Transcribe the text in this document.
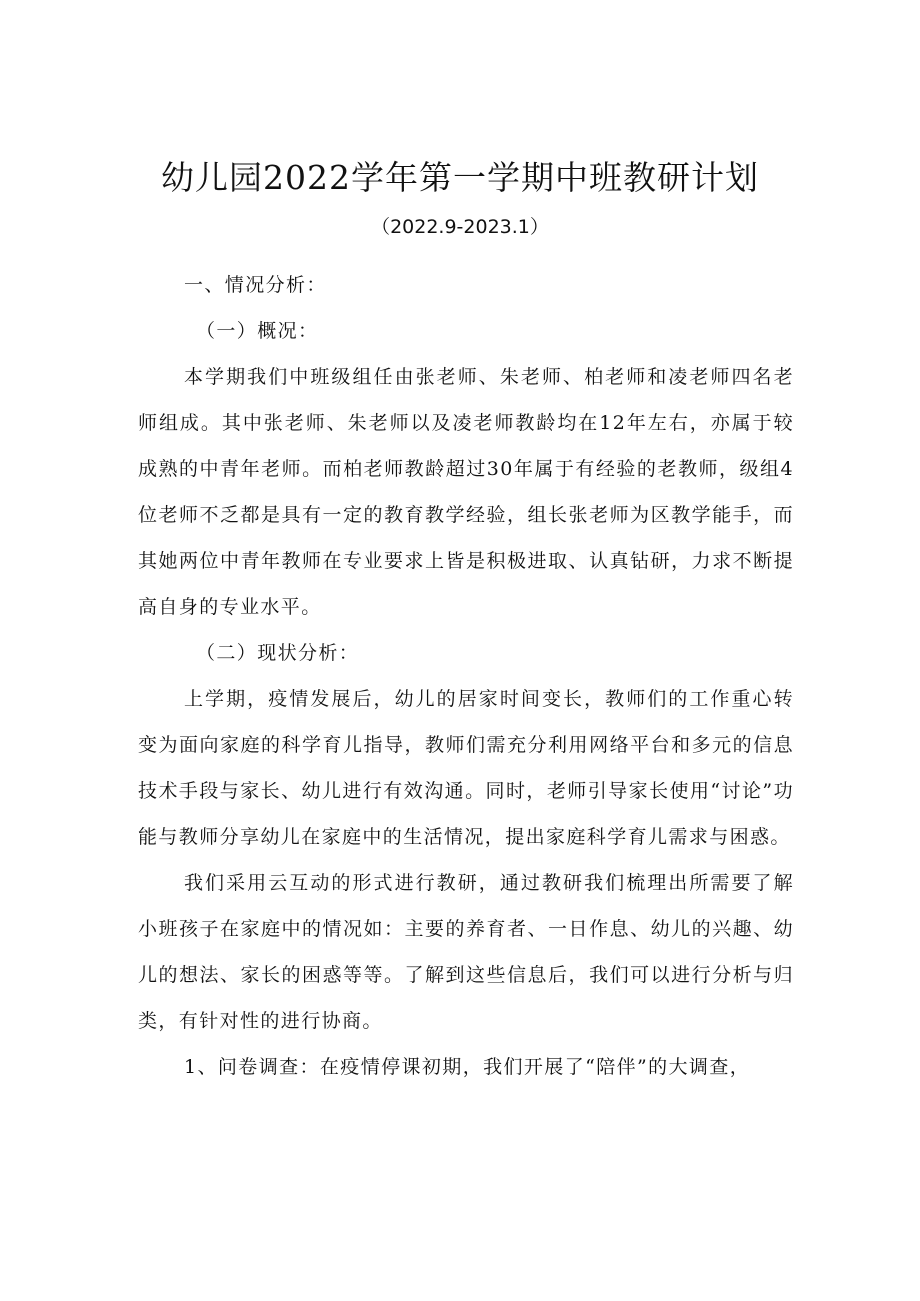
幼儿园2022学年第一学期中班教研计划
（2022.9-2023.1）

一、情况分析：

（一）概况：

本学期我们中班级组任由张老师、朱老师、柏老师和凌老师四名老师组成。其中张老师、朱老师以及凌老师教龄均在12年左右，亦属于较成熟的中青年老师。而柏老师教龄超过30年属于有经验的老教师，级组4位老师不乏都是具有一定的教育教学经验，组长张老师为区教学能手，而其她两位中青年教师在专业要求上皆是积极进取、认真钻研，力求不断提高自身的专业水平。

（二）现状分析：

上学期，疫情发展后，幼儿的居家时间变长，教师们的工作重心转变为面向家庭的科学育儿指导，教师们需充分利用网络平台和多元的信息技术手段与家长、幼儿进行有效沟通。同时，老师引导家长使用“讨论”功能与教师分享幼儿在家庭中的生活情况，提出家庭科学育儿需求与困惑。

我们采用云互动的形式进行教研，通过教研我们梳理出所需要了解小班孩子在家庭中的情况如：主要的养育者、一日作息、幼儿的兴趣、幼儿的想法、家长的困惑等等。了解到这些信息后，我们可以进行分析与归类，有针对性的进行协商。

1、问卷调查：在疫情停课初期，我们开展了“陪伴”的大调查，
